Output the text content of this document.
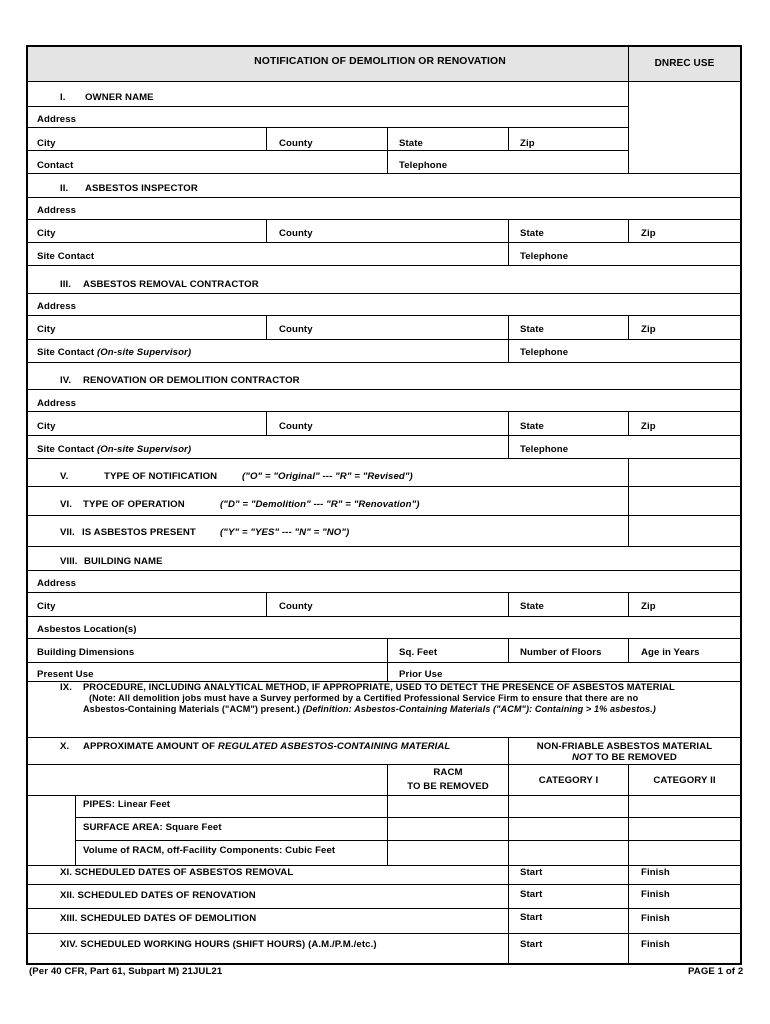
NOTIFICATION OF DEMOLITION OR RENOVATION	DNREC USE
I. OWNER NAME
Address
City	County	State	Zip
Contact	Telephone
II. ASBESTOS INSPECTOR
Address
City	County	State	Zip
Site Contact	Telephone
III. ASBESTOS REMOVAL CONTRACTOR
Address
City	County	State	Zip
Site Contact (On-site Supervisor)	Telephone
IV. RENOVATION OR DEMOLITION CONTRACTOR
Address
City	County	State	Zip
Site Contact (On-site Supervisor)	Telephone
V.	TYPE OF NOTIFICATION	("O" = "Original" --- "R" = "Revised")
VI. TYPE OF OPERATION	("D" = "Demolition" --- "R" = "Renovation")
VII. IS ASBESTOS PRESENT	("Y" = "YES" --- "N" = "NO")
VIII. BUILDING NAME
Address
City	County	State	Zip
Asbestos Location(s)
Building Dimensions	Sq. Feet	Number of Floors	Age in Years
Present Use	Prior Use
IX. PROCEDURE, INCLUDING ANALYTICAL METHOD, IF APPROPRIATE, USED TO DETECT THE PRESENCE OF ASBESTOS MATERIAL
(Note: All demolition jobs must have a Survey performed by a Certified Professional Service Firm to ensure that there are no
Asbestos-Containing Materials ("ACM") present.) (Definition: Asbestos-Containing Materials ("ACM"): Containing > 1% asbestos.)
X. APPROXIMATE AMOUNT OF REGULATED ASBESTOS-CONTAINING MATERIAL	NON-FRIABLE ASBESTOS MATERIAL
NOT TO BE REMOVED
RACM
TO BE REMOVED
CATEGORY I	CATEGORY II
PIPES: Linear Feet
SURFACE AREA: Square Feet
Volume of RACM, off-Facility Components: Cubic Feet
XI. SCHEDULED DATES OF ASBESTOS REMOVAL	Start	Finish
XII. SCHEDULED DATES OF RENOVATION	Start	Finish
XIII. SCHEDULED DATES OF DEMOLITION	Start	Finish
XIV. SCHEDULED WORKING HOURS (SHIFT HOURS) (A.M./P.M./etc.)	Start	Finish
(Per 40 CFR, Part 61, Subpart M) 21JUL21	PAGE 1 of 2
